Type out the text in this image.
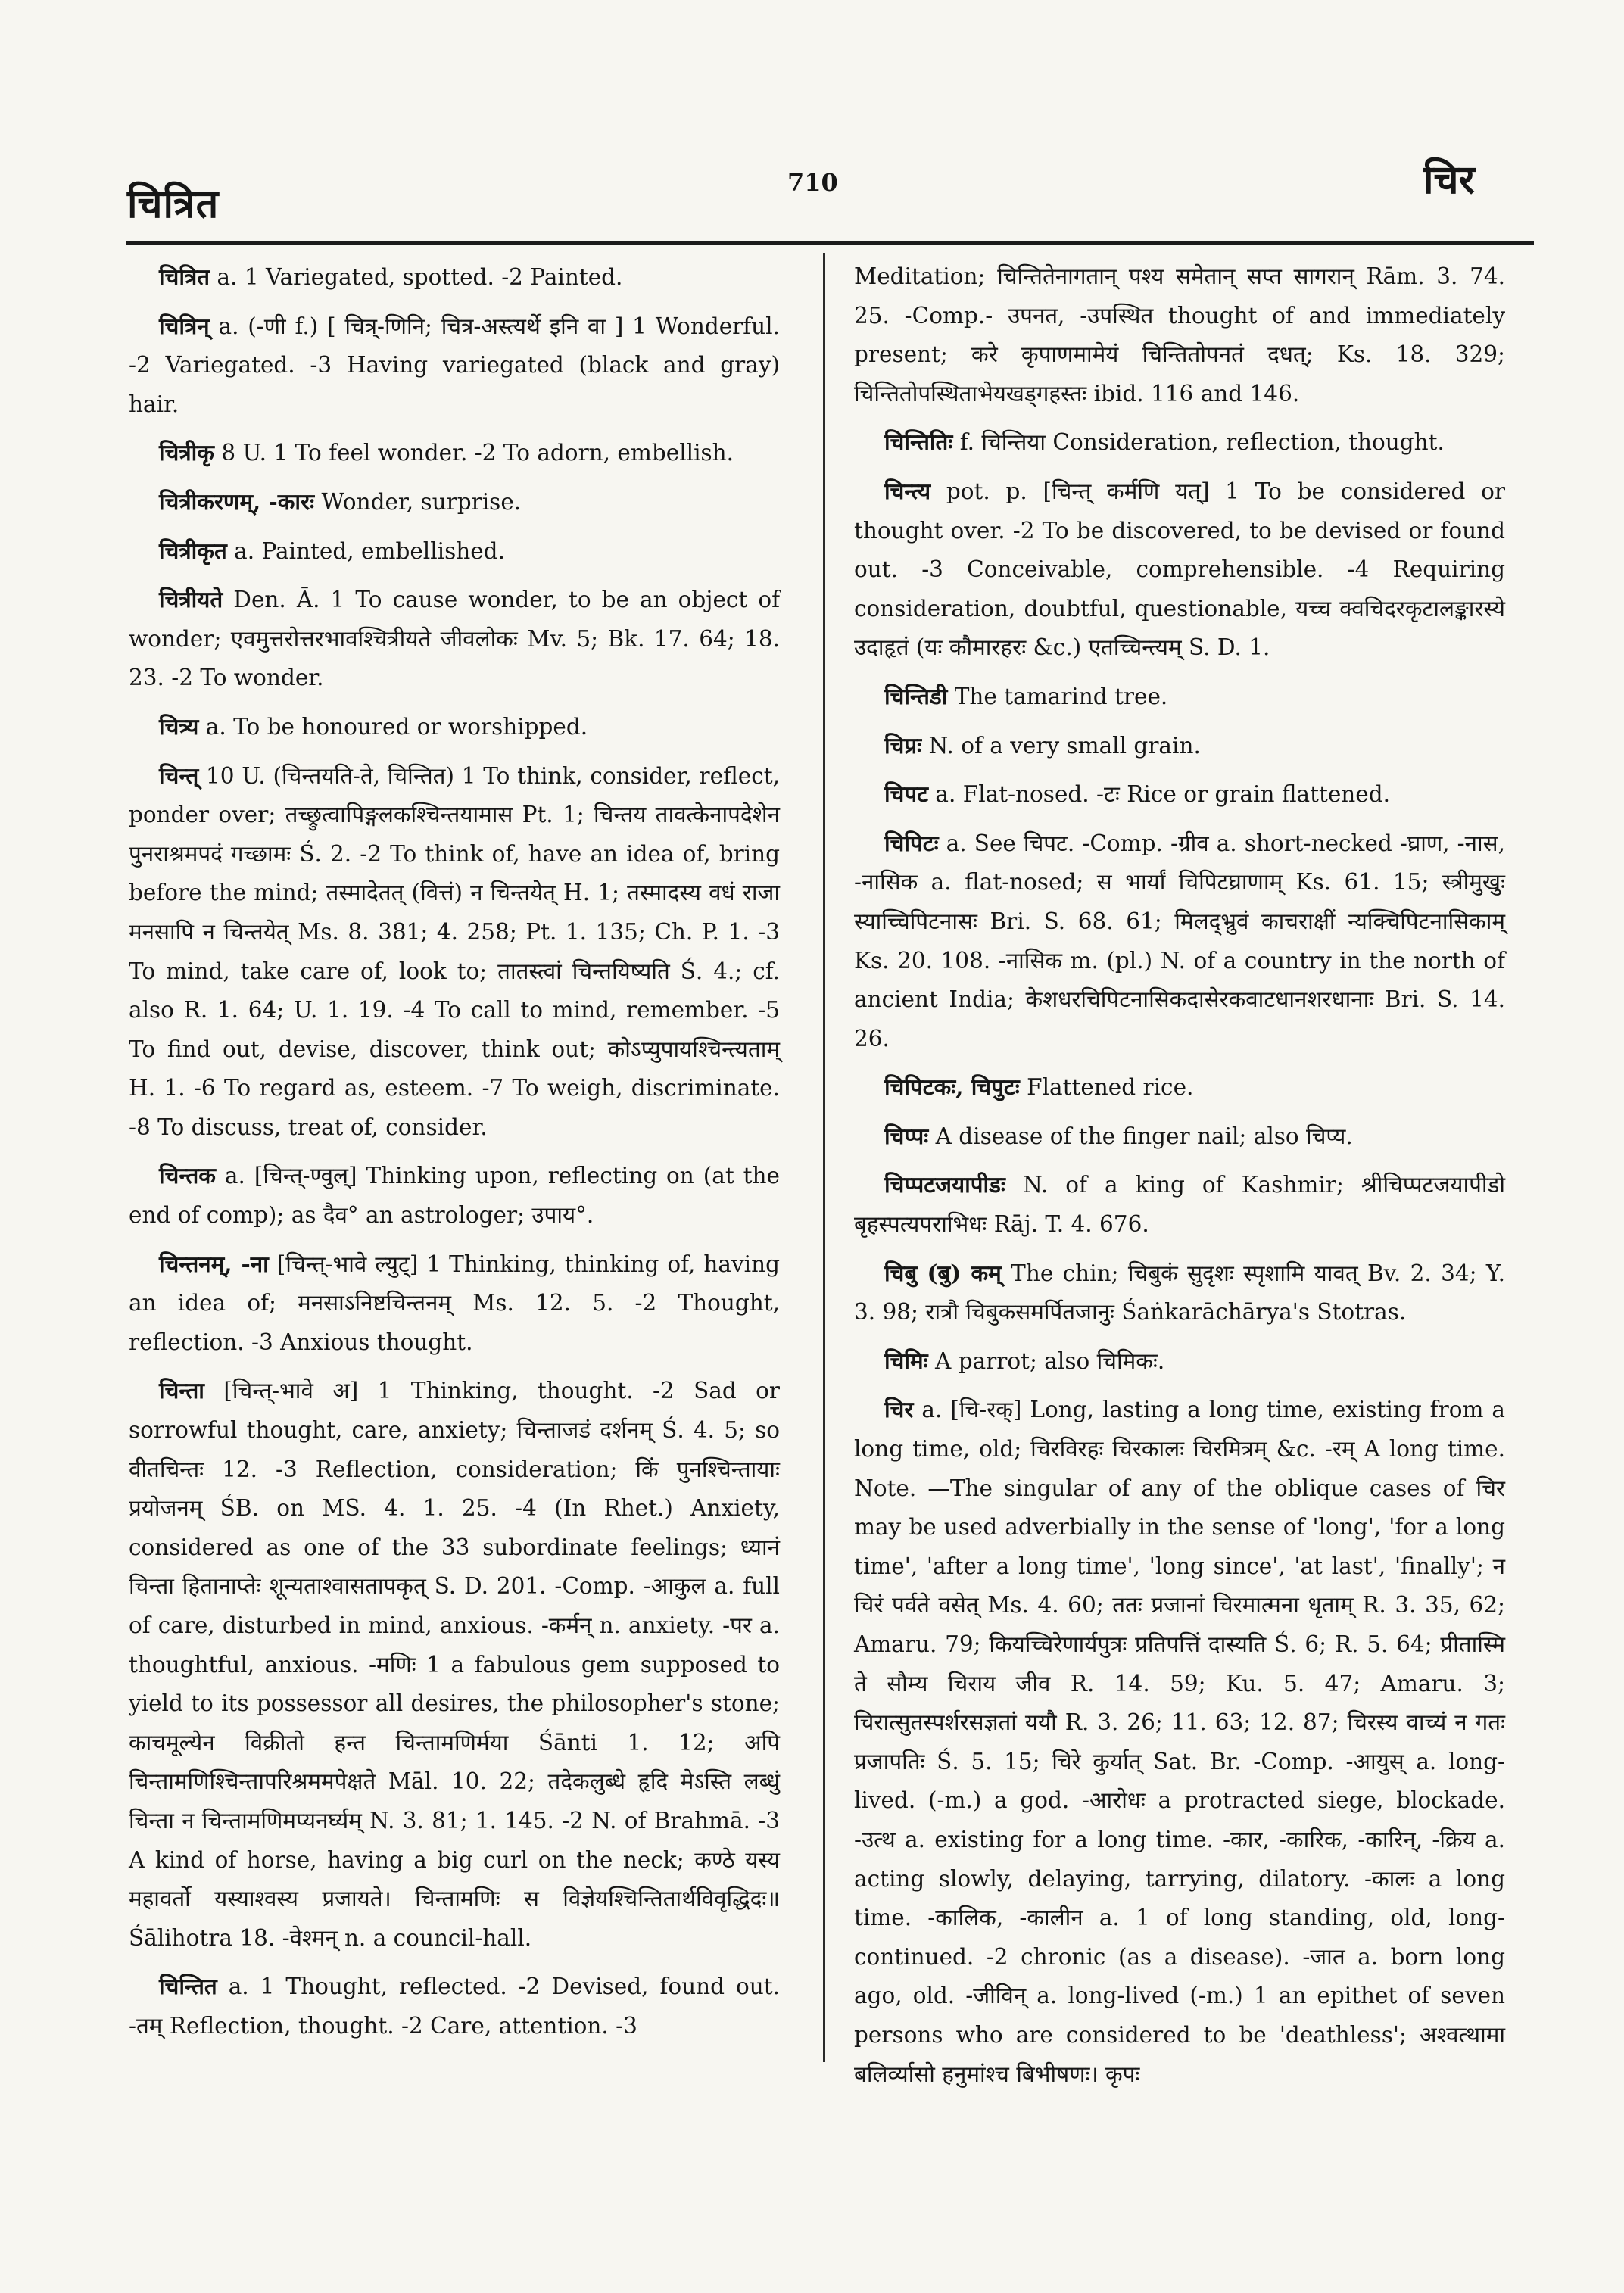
चित्रित	710	चिर

चित्रित a. 1 Variegated, spotted. -2 Painted.

चित्रिन् a. (-णी f.) [ चित्र्-णिनि; चित्र-अस्त्यर्थे इनि वा ] 1 Wonderful. -2 Variegated. -3 Having variegated (black and gray) hair.

चित्रीकृ 8 U. 1 To feel wonder. -2 To adorn, embellish.

चित्रीकरणम्, -कारः Wonder, surprise.

चित्रीकृत a. Painted, embellished.

चित्रीयते Den. Ā. 1 To cause wonder, to be an object of wonder; एवमुत्तरोत्तरभावश्चित्रीयते जीवलोकः Mv. 5; Bk. 17. 64; 18. 23. -2 To wonder.

चित्र्य a. To be honoured or worshipped.

चिन्त् 10 U. (चिन्तयति-ते, चिन्तित) 1 To think, consider, reflect, ponder over; तच्छ्रुत्वापिङ्गलकश्चिन्तयामास Pt. 1; चिन्तय तावत्केनापदेशेन पुनराश्रमपदं गच्छामः Ś. 2. -2 To think of, have an idea of, bring before the mind; तस्मादेतत् (वित्तं) न चिन्तयेत् H. 1; तस्मादस्य वधं राजा मनसापि न चिन्तयेत् Ms. 8. 381; 4. 258; Pt. 1. 135; Ch. P. 1. -3 To mind, take care of, look to; तातस्त्वां चिन्तयिष्यति Ś. 4.; cf. also R. 1. 64; U. 1. 19. -4 To call to mind, remember. -5 To find out, devise, discover, think out; कोऽप्युपायश्चिन्त्यताम् H. 1. -6 To regard as, esteem. -7 To weigh, discriminate. -8 To discuss, treat of, consider.

चिन्तक a. [चिन्त्-ण्वुल्] Thinking upon, reflecting on (at the end of comp); as दैव° an astrologer; उपाय°.

चिन्तनम्, -ना [चिन्त्-भावे ल्युट्] 1 Thinking, thinking of, having an idea of; मनसाऽनिष्टचिन्तनम् Ms. 12. 5. -2 Thought, reflection. -3 Anxious thought.

चिन्ता [चिन्त्-भावे अ] 1 Thinking, thought. -2 Sad or sorrowful thought, care, anxiety; चिन्ताजडं दर्शनम् Ś. 4. 5; so वीतचिन्तः 12. -3 Reflection, consideration; किं पुनश्चिन्तायाः प्रयोजनम् ŚB. on MS. 4. 1. 25. -4 (In Rhet.) Anxiety, considered as one of the 33 subordinate feelings; ध्यानं चिन्ता हितानाप्तेः शून्यताश्वासतापकृत् S. D. 201. -Comp. -आकुल a. full of care, disturbed in mind, anxious. -कर्मन् n. anxiety. -पर a. thoughtful, anxious. -मणिः 1 a fabulous gem supposed to yield to its possessor all desires, the philosopher's stone; काचमूल्येन विक्रीतो हन्त चिन्तामणिर्मया Śānti 1. 12; अपि चिन्तामणिश्चिन्तापरिश्रममपेक्षते Māl. 10. 22; तदेकलुब्धे हृदि मेऽस्ति लब्धुं चिन्ता न चिन्तामणिमप्यनर्घ्यम् N. 3. 81; 1. 145. -2 N. of Brahmā. -3 A kind of horse, having a big curl on the neck; कण्ठे यस्य महावर्तो यस्याश्वस्य प्रजायते। चिन्तामणिः स विज्ञेयश्चिन्तितार्थविवृद्धिदः॥ Śālihotra 18. -वेश्मन् n. a council-hall.

चिन्तित a. 1 Thought, reflected. -2 Devised, found out. -तम् Reflection, thought. -2 Care, attention. -3

Meditation; चिन्तितेनागतान् पश्य समेतान् सप्त सागरान् Rām. 3. 74. 25. -Comp.- उपनत, -उपस्थित thought of and immediately present; करे कृपाणमामेयं चिन्तितोपनतं दधत्; Ks. 18. 329; चिन्तितोपस्थिताभेयखड्गहस्तः ibid. 116 and 146.

चिन्तितिः f. चिन्तिया Consideration, reflection, thought.

चिन्त्य pot. p. [चिन्त् कर्मणि यत्] 1 To be considered or thought over. -2 To be discovered, to be devised or found out. -3 Conceivable, comprehensible. -4 Requiring consideration, doubtful, questionable, यच्च क्वचिदरकृटालङ्कारस्ये उदाहृतं (यः कौमारहरः &c.) एतच्चिन्त्यम् S. D. 1.

चिन्तिडी The tamarind tree.

चिप्रः N. of a very small grain.

चिपट a. Flat-nosed. -टः Rice or grain flattened.

चिपिटः a. See चिपट. -Comp. -ग्रीव a. short-necked -घ्राण, -नास, -नासिक a. flat-nosed; स भार्यां चिपिटघ्राणाम् Ks. 61. 15; स्त्रीमुखुः स्याच्चिपिटनासः Bri. S. 68. 61; मिलद्भ्रुवं काचराक्षीं न्यक्चिपिटनासिकाम् Ks. 20. 108. -नासिक m. (pl.) N. of a country in the north of ancient India; केशधरचिपिटनासिकदासेरकवाटधानशरधानाः Bri. S. 14. 26.

चिपिटकः, चिपुटः Flattened rice.

चिप्पः A disease of the finger nail; also चिप्य.

चिप्पटजयापीडः N. of a king of Kashmir; श्रीचिप्पटजयापीडो बृहस्पत्यपराभिधः Rāj. T. 4. 676.

चिबु (बु) कम् The chin; चिबुकं सुदृशः स्पृशामि यावत् Bv. 2. 34; Y. 3. 98; रात्रौ चिबुकसमर्पितजानुः Śaṅkarāchārya's Stotras.

चिमिः A parrot; also चिमिकः.

चिर a. [चि-रक्] Long, lasting a long time, existing from a long time, old; चिरविरहः चिरकालः चिरमित्रम् &c. -रम् A long time. Note. —The singular of any of the oblique cases of चिर may be used adverbially in the sense of 'long', 'for a long time', 'after a long time', 'long since', 'at last', 'finally'; न चिरं पर्वते वसेत् Ms. 4. 60; ततः प्रजानां चिरमात्मना धृताम् R. 3. 35, 62; Amaru. 79; कियच्चिरेणार्यपुत्रः प्रतिपत्तिं दास्यति Ś. 6; R. 5. 64; प्रीतास्मि ते सौम्य चिराय जीव R. 14. 59; Ku. 5. 47; Amaru. 3; चिरात्सुतस्पर्शरसज्ञतां ययौ R. 3. 26; 11. 63; 12. 87; चिरस्य वाच्यं न गतः प्रजापतिः Ś. 5. 15; चिरे कुर्यात् Sat. Br. -Comp. -आयुस् a. long-lived. (-m.) a god. -आरोधः a protracted siege, blockade. -उत्थ a. existing for a long time. -कार, -कारिक, -कारिन्, -क्रिय a. acting slowly, delaying, tarrying, dilatory. -कालः a long time. -कालिक, -कालीन a. 1 of long standing, old, long-continued. -2 chronic (as a disease). -जात a. born long ago, old. -जीविन् a. long-lived (-m.) 1 an epithet of seven persons who are considered to be 'deathless'; अश्वत्थामा बलिर्व्यासो हनुमांश्च बिभीषणः। कृपः
